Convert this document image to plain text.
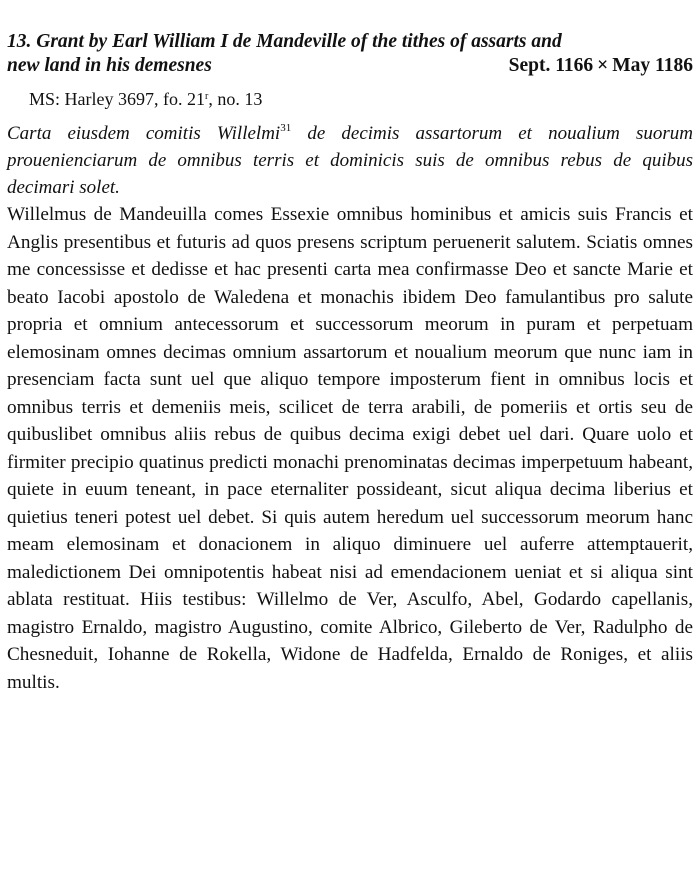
13. Grant by Earl William I de Mandeville of the tithes of assarts and
new land in his demesnes	Sept. 1166 × May 1186

MS: Harley 3697, fo. 21$^r$, no. 13

Carta eiusdem comitis Willelmi$^{31}$ de decimis assartorum et noualium suorum prouenienciarum de omnibus terris et dominicis suis de omnibus rebus de quibus decimari solet.

Willelmus de Mandeuilla comes Essexie omnibus hominibus et amicis suis Francis et Anglis presentibus et futuris ad quos presens scriptum peruenerit salutem. Sciatis omnes me concessisse et dedisse et hac presenti carta mea confirmasse Deo et sancte Marie et beato Iacobi apostolo de Waledena et monachis ibidem Deo famulantibus pro salute propria et omnium antecessorum et successorum meorum in puram et perpetuam elemosinam omnes decimas omnium assartorum et noualium meorum que nunc iam in presenciam facta sunt uel que aliquo tempore imposterum fient in omnibus locis et omnibus terris et demeniis meis, scilicet de terra arabili, de pomeriis et ortis seu de quibuslibet omnibus aliis rebus de quibus decima exigi debet uel dari. Quare uolo et firmiter precipio quatinus predicti monachi prenominatas decimas imperpetuum habeant, quiete in euum teneant, in pace eternaliter possideant, sicut aliqua decima liberius et quietius teneri potest uel debet. Si quis autem heredum uel successorum meorum hanc meam elemosinam et donacionem in aliquo diminuere uel auferre attemptauerit, maledictionem Dei omnipotentis habeat nisi ad emendacionem ueniat et si aliqua sint ablata restituat. Hiis testibus: Willelmo de Ver, Asculfo, Abel, Godardo capellanis, magistro Ernaldo, magistro Augustino, comite Albrico, Gileberto de Ver, Radulpho de Chesneduit, Iohanne de Rokella, Widone de Hadfelda, Ernaldo de Roniges, et aliis multis.
